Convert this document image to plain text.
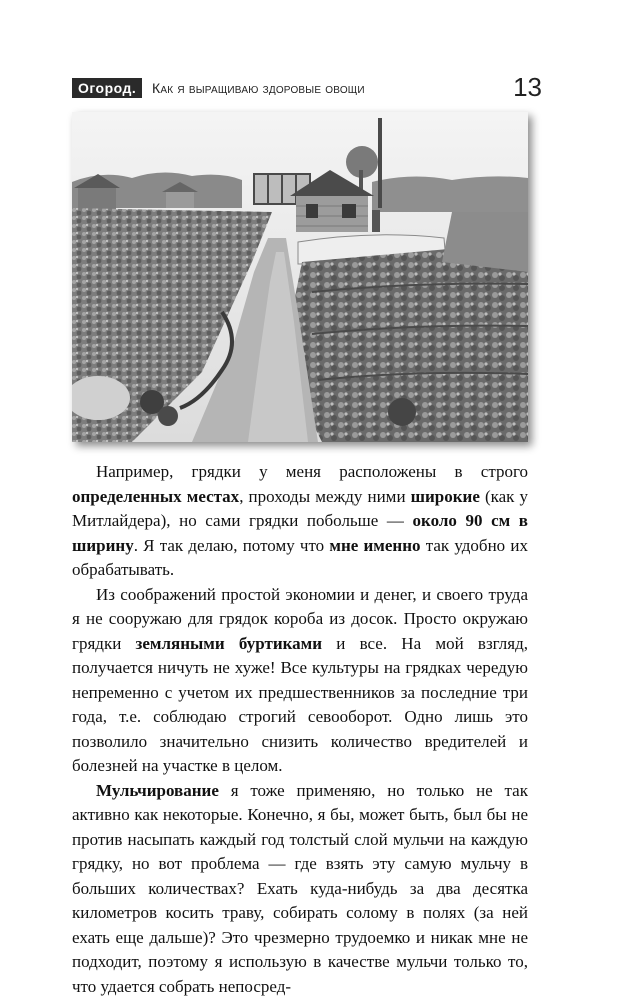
Огород.	Как я выращиваю здоровые овощи	13

Например, грядки у меня расположены в строго определенных местах, проходы между ними широкие (как у Митлайдера), но сами грядки побольше — около 90 см в ширину. Я так делаю, потому что мне именно так удобно их обрабатывать.

Из соображений простой экономии и денег, и своего труда я не сооружаю для грядок короба из досок. Просто окружаю грядки земляными буртиками и все. На мой взгляд, получается ничуть не хуже! Все культуры на грядках чередую непременно с учетом их предшественников за последние три года, т.е. соблюдаю строгий севооборот. Одно лишь это позволило значительно снизить количество вредителей и болезней на участке в целом.

Мульчирование я тоже применяю, но только не так активно как некоторые. Конечно, я бы, может быть, был бы не против насыпать каждый год толстый слой мульчи на каждую грядку, но вот проблема — где взять эту самую мульчу в больших количествах? Ехать куда-нибудь за два десятка километров косить траву, собирать солому в полях (за ней ехать еще дальше)? Это чрезмерно трудоемко и никак мне не подходит, поэтому я использую в качестве мульчи только то, что удается собрать непосред-
